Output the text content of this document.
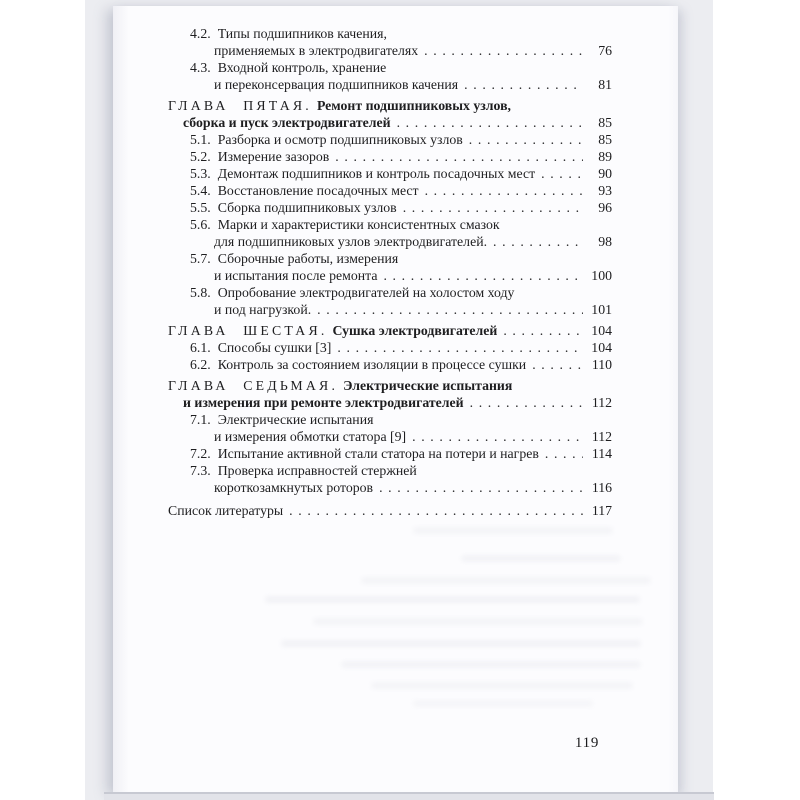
4.2. Типы подшипников качения,
применяемых в электродвигателях . . .	76
4.3. Входной контроль, хранение
и переконсервация подшипников качения . . .	81
ГЛАВА ПЯТАЯ. Ремонт подшипниковых узлов,
сборка и пуск электродвигателей . . .	85
5.1. Разборка и осмотр подшипниковых узлов . . .	85
5.2. Измерение зазоров . . .	89
5.3. Демонтаж подшипников и контроль посадочных мест . . .	90
5.4. Восстановление посадочных мест . . .	93
5.5. Сборка подшипниковых узлов . . .	96
5.6. Марки и характеристики консистентных смазок
для подшипниковых узлов электродвигателей. . . .	98
5.7. Сборочные работы, измерения
и испытания после ремонта . . .	100
5.8. Опробование электродвигателей на холостом ходу
и под нагрузкой. . . .	101
ГЛАВА ШЕСТАЯ. Сушка электродвигателей . . .	104
6.1. Способы сушки [3] . . .	104
6.2. Контроль за состоянием изоляции в процессе сушки . . .	110
ГЛАВА СЕДЬМАЯ. Электрические испытания
и измерения при ремонте электродвигателей . . .	112
7.1. Электрические испытания
и измерения обмотки статора [9] . . .	112
7.2. Испытание активной стали статора на потери и нагрев . . .	114
7.3. Проверка исправностей стержней
короткозамкнутых роторов . . .	116
Список литературы . . .	117
119
